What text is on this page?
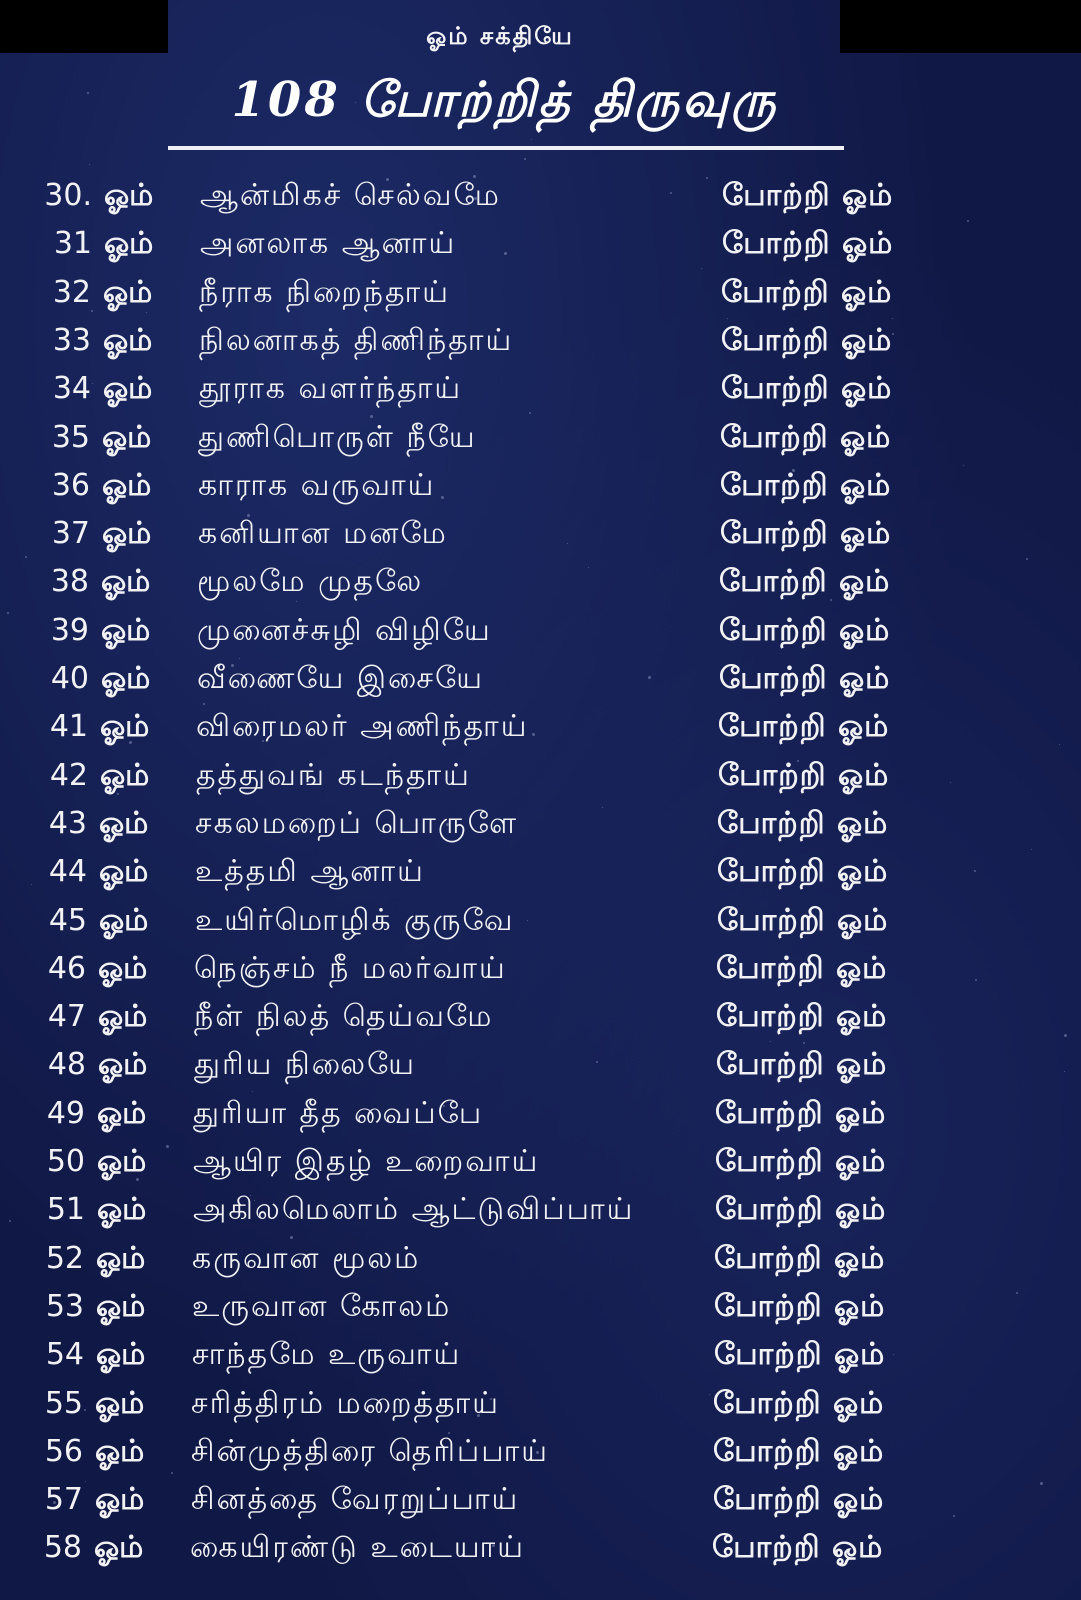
ஓம் சக்தியே
108 போற்றித் திருவுரு
30. ஓம் ஆன்மிகச் செல்வமே	போற்றி ஓம்
31 ஓம் அனலாக ஆனாய்	போற்றி ஓம்
32 ஓம் நீராக நிறைந்தாய்	போற்றி ஓம்
33 ஓம் நிலனாகத் திணிந்தாய்	போற்றி ஓம்
34 ஓம் தூராக வளர்ந்தாய்	போற்றி ஓம்
35 ஓம் துணிபொருள் நீயே	போற்றி ஓம்
36 ஓம் காராக வருவாய்	போற்றி ஓம்
37 ஓம் கனியான மனமே	போற்றி ஓம்
38 ஓம் மூலமே முதலே	போற்றி ஓம்
39 ஓம் முனைச்சுழி விழியே	போற்றி ஓம்
40 ஓம் வீணையே இசையே	போற்றி ஓம்
41 ஓம் விரைமலர் அணிந்தாய்	போற்றி ஓம்
42 ஓம் தத்துவங் கடந்தாய்	போற்றி ஓம்
43 ஓம் சகலமறைப் பொருளே	போற்றி ஓம்
44 ஓம் உத்தமி ஆனாய்	போற்றி ஓம்
45 ஓம் உயிர்மொழிக் குருவே	போற்றி ஓம்
46 ஓம் நெஞ்சம் நீ மலர்வாய்	போற்றி ஓம்
47 ஓம் நீள் நிலத் தெய்வமே	போற்றி ஓம்
48 ஓம் துரிய நிலையே	போற்றி ஓம்
49 ஓம் துரியா தீத வைப்பே	போற்றி ஓம்
50 ஓம் ஆயிர இதழ் உறைவாய்	போற்றி ஓம்
51 ஓம் அகிலமெலாம் ஆட்டுவிப்பாய்	போற்றி ஓம்
52 ஓம் கருவான மூலம்	போற்றி ஓம்
53 ஓம் உருவான கோலம்	போற்றி ஓம்
54 ஓம் சாந்தமே உருவாய்	போற்றி ஓம்
55 ஓம் சரித்திரம் மறைத்தாய்	போற்றி ஓம்
56 ஓம் சின்முத்திரை தெரிப்பாய்	போற்றி ஓம்
57 ஓம் சினத்தை வேரறுப்பாய்	போற்றி ஓம்
58 ஓம் கையிரண்டு உடையாய்	போற்றி ஓம்
